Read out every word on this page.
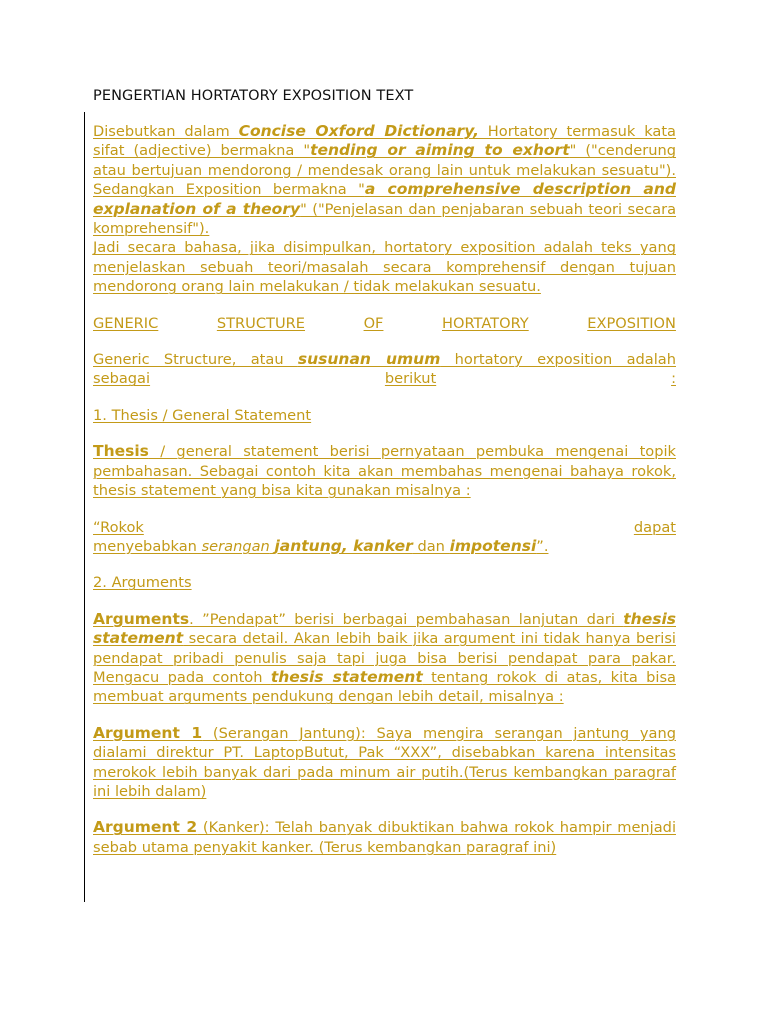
PENGERTIAN HORTATORY EXPOSITION TEXT

Disebutkan dalam Concise Oxford Dictionary, Hortatory termasuk kata sifat (adjective) bermakna "tending or aiming to exhort" ("cenderung atau bertujuan mendorong / mendesak orang lain untuk melakukan sesuatu"). Sedangkan Exposition bermakna "a comprehensive description and explanation of a theory" ("Penjelasan dan penjabaran sebuah teori secara komprehensif").

Jadi secara bahasa, jika disimpulkan, hortatory exposition adalah teks yang menjelaskan sebuah teori/masalah secara komprehensif dengan tujuan mendorong orang lain melakukan / tidak melakukan sesuatu.

GENERIC	STRUCTURE	OF	HORTATORY	EXPOSITION

Generic Structure, atau susunan umum hortatory exposition adalah
sebagai	berikut	:

1. Thesis / General Statement

Thesis / general statement berisi pernyataan pembuka mengenai topik pembahasan. Sebagai contoh kita akan membahas mengenai bahaya rokok, thesis statement yang bisa kita gunakan misalnya :

“Rokok	dapat
menyebabkan serangan jantung, kanker dan impotensi”.

2. Arguments

Arguments. ”Pendapat” berisi berbagai pembahasan lanjutan dari thesis statement secara detail. Akan lebih baik jika argument ini tidak hanya berisi pendapat pribadi penulis saja tapi juga bisa berisi pendapat para pakar. Mengacu pada contoh thesis statement tentang rokok di atas, kita bisa membuat arguments pendukung dengan lebih detail, misalnya :

Argument 1 (Serangan Jantung): Saya mengira serangan jantung yang dialami direktur PT. LaptopButut, Pak “XXX”, disebabkan karena intensitas merokok lebih banyak dari pada minum air putih.(Terus kembangkan paragraf ini lebih dalam)

Argument 2 (Kanker): Telah banyak dibuktikan bahwa rokok hampir menjadi sebab utama penyakit kanker. (Terus kembangkan paragraf ini)
